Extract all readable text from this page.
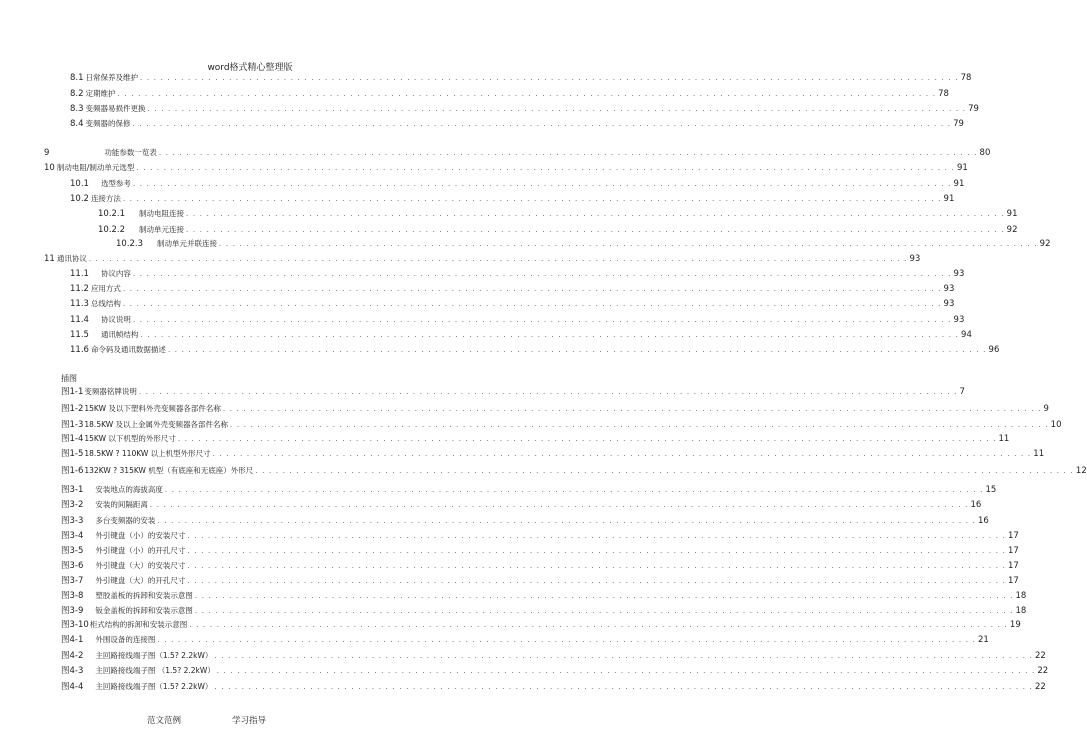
word格式精心整理版
8.1 日常保养及维护 . . . . . . . . . . . . . . . . . . . . . . . . . . . . . . . . . . . . . . . . . . . . . . . . . . . . . . . . . . . . . . . . . . . . . . . . . . . . . . . . . . . . . . . . . . . . . . . . . . . . . . . . . . . . . . . . . . . . . . . . 78
8.2 定期维护 . . . . . . . . . . . . . . . . . . . . . . . . . . . . . . . . . . . . . . . . . . . . . . . . . . . . . . . . . . . . . . . . . . . . . . . . . . . . . . . . . . . . . . . . . . . . . . . . . . . . . . . . . . . . . . . . . . . . . . . . 78
8.3 变频器易损件更换 . . . . . . . . . . . . . . . . . . . . . . . . . . . . . . . . . . . . . . . . . . . . . . . . . . . . . . . . . . . . . . . . . . . . . . . . . . . . . . . . . . . . . . . . . . . . . . . . . . . . . . . . . . . . . . . . . . . . . . . . 79
8.4 变频器的保修 . . . . . . . . . . . . . . . . . . . . . . . . . . . . . . . . . . . . . . . . . . . . . . . . . . . . . . . . . . . . . . . . . . . . . . . . . . . . . . . . . . . . . . . . . . . . . . . . . . . . . . . . . . . . . . . . . . . . . . . . 79
9	功能参数一览表 . . . . . . . . . . . . . . . . . . . . . . . . . . . . . . . . . . . . . . . . . . . . . . . . . . . . . . . . . . . . . . . . . . . . . . . . . . . . . . . . . . . . . . . . . . . . . . . . . . . . . . . . . . . . . . . . . . . . . . . . 80
10 制动电阻/制动单元选型 . . . . . . . . . . . . . . . . . . . . . . . . . . . . . . . . . . . . . . . . . . . . . . . . . . . . . . . . . . . . . . . . . . . . . . . . . . . . . . . . . . . . . . . . . . . . . . . . . . . . . . . . . . . . . . . . . . . . . . . . 91
10.1 选型参考 . . . . . . . . . . . . . . . . . . . . . . . . . . . . . . . . . . . . . . . . . . . . . . . . . . . . . . . . . . . . . . . . . . . . . . . . . . . . . . . . . . . . . . . . . . . . . . . . . . . . . . . . . . . . . . . . . . . . . . . . 91
10.2 连接方法 . . . . . . . . . . . . . . . . . . . . . . . . . . . . . . . . . . . . . . . . . . . . . . . . . . . . . . . . . . . . . . . . . . . . . . . . . . . . . . . . . . . . . . . . . . . . . . . . . . . . . . . . . . . . . . . . . . . . . . . . 91
10.2.1 制动电阻连接 . . . . . . . . . . . . . . . . . . . . . . . . . . . . . . . . . . . . . . . . . . . . . . . . . . . . . . . . . . . . . . . . . . . . . . . . . . . . . . . . . . . . . . . . . . . . . . . . . . . . . . . . . . . . . . . . . . . . . . . . 91
10.2.2 制动单元连接 . . . . . . . . . . . . . . . . . . . . . . . . . . . . . . . . . . . . . . . . . . . . . . . . . . . . . . . . . . . . . . . . . . . . . . . . . . . . . . . . . . . . . . . . . . . . . . . . . . . . . . . . . . . . . . . . . . . . . . . . 92
10.2.3 制动单元并联连接 . . . . . . . . . . . . . . . . . . . . . . . . . . . . . . . . . . . . . . . . . . . . . . . . . . . . . . . . . . . . . . . . . . . . . . . . . . . . . . . . . . . . . . . . . . . . . . . . . . . . . . . . . . . . . . . . . . . . . . . . 92
11 通讯协议 . . . . . . . . . . . . . . . . . . . . . . . . . . . . . . . . . . . . . . . . . . . . . . . . . . . . . . . . . . . . . . . . . . . . . . . . . . . . . . . . . . . . . . . . . . . . . . . . . . . . . . . . . . . . . . . . . . . . . . . . 93
11.1 协议内容 . . . . . . . . . . . . . . . . . . . . . . . . . . . . . . . . . . . . . . . . . . . . . . . . . . . . . . . . . . . . . . . . . . . . . . . . . . . . . . . . . . . . . . . . . . . . . . . . . . . . . . . . . . . . . . . . . . . . . . . . 93
11.2 应用方式 . . . . . . . . . . . . . . . . . . . . . . . . . . . . . . . . . . . . . . . . . . . . . . . . . . . . . . . . . . . . . . . . . . . . . . . . . . . . . . . . . . . . . . . . . . . . . . . . . . . . . . . . . . . . . . . . . . . . . . . . 93
11.3 总线结构 . . . . . . . . . . . . . . . . . . . . . . . . . . . . . . . . . . . . . . . . . . . . . . . . . . . . . . . . . . . . . . . . . . . . . . . . . . . . . . . . . . . . . . . . . . . . . . . . . . . . . . . . . . . . . . . . . . . . . . . . 93
11.4 协议说明 . . . . . . . . . . . . . . . . . . . . . . . . . . . . . . . . . . . . . . . . . . . . . . . . . . . . . . . . . . . . . . . . . . . . . . . . . . . . . . . . . . . . . . . . . . . . . . . . . . . . . . . . . . . . . . . . . . . . . . . . 93
11.5 通讯帧结构 . . . . . . . . . . . . . . . . . . . . . . . . . . . . . . . . . . . . . . . . . . . . . . . . . . . . . . . . . . . . . . . . . . . . . . . . . . . . . . . . . . . . . . . . . . . . . . . . . . . . . . . . . . . . . . . . . . . . . . . . 94
11.6 命令码及通讯数据描述 . . . . . . . . . . . . . . . . . . . . . . . . . . . . . . . . . . . . . . . . . . . . . . . . . . . . . . . . . . . . . . . . . . . . . . . . . . . . . . . . . . . . . . . . . . . . . . . . . . . . . . . . . . . . . . . . . . . . . . . . 96
图1-1 变频器铭牌说明 . . . . . . . . . . . . . . . . . . . . . . . . . . . . . . . . . . . . . . . . . . . . . . . . . . . . . . . . . . . . . . . . . . . . . . . . . . . . . . . . . . . . . . . . . . . . . . . . . . . . . . . . . . . . . . . . . . . . . . . . 7
图1-2 15KW 及以下塑料外壳变频器各部件名称 . . . . . . . . . . . . . . . . . . . . . . . . . . . . . . . . . . . . . . . . . . . . . . . . . . . . . . . . . . . . . . . . . . . . . . . . . . . . . . . . . . . . . . . . . . . . . . . . . . . . . . . . . . . . . . . . . . . . . . . . 9
图1-3 18.5KW 及以上金属外壳变频器各部件名称 . . . . . . . . . . . . . . . . . . . . . . . . . . . . . . . . . . . . . . . . . . . . . . . . . . . . . . . . . . . . . . . . . . . . . . . . . . . . . . . . . . . . . . . . . . . . . . . . . . . . . . . . . . . . . . . . . . . . . . . . 10
图1-4 15KW 以下机型的外形尺寸 . . . . . . . . . . . . . . . . . . . . . . . . . . . . . . . . . . . . . . . . . . . . . . . . . . . . . . . . . . . . . . . . . . . . . . . . . . . . . . . . . . . . . . . . . . . . . . . . . . . . . . . . . . . . . . . . . . . . . . . . 11
图1-5 18.5KW ? 110KW 以上机型外形尺寸 . . . . . . . . . . . . . . . . . . . . . . . . . . . . . . . . . . . . . . . . . . . . . . . . . . . . . . . . . . . . . . . . . . . . . . . . . . . . . . . . . . . . . . . . . . . . . . . . . . . . . . . . . . . . . . . . . . . . . . . . 11
图1-6 132KW ? 315KW 机型（有底座和无底座）外形尺 . . . . . . . . . . . . . . . . . . . . . . . . . . . . . . . . . . . . . . . . . . . . . . . . . . . . . . . . . . . . . . . . . . . . . . . . . . . . . . . . . . . . . . . . . . . . . . . . . . . . . . . . . . . . . . . . . . . . . . . . 12
图3-1 安装地点的海拔高度 . . . . . . . . . . . . . . . . . . . . . . . . . . . . . . . . . . . . . . . . . . . . . . . . . . . . . . . . . . . . . . . . . . . . . . . . . . . . . . . . . . . . . . . . . . . . . . . . . . . . . . . . . . . . . . . . . . . . . . . . 15
图3-2 安装的间隔距离 . . . . . . . . . . . . . . . . . . . . . . . . . . . . . . . . . . . . . . . . . . . . . . . . . . . . . . . . . . . . . . . . . . . . . . . . . . . . . . . . . . . . . . . . . . . . . . . . . . . . . . . . . . . . . . . . . . . . . . . . 16
图3-3 多台变频器的安装 . . . . . . . . . . . . . . . . . . . . . . . . . . . . . . . . . . . . . . . . . . . . . . . . . . . . . . . . . . . . . . . . . . . . . . . . . . . . . . . . . . . . . . . . . . . . . . . . . . . . . . . . . . . . . . . . . . . . . . . . 16
图3-4 外引键盘（小）的安装尺寸 . . . . . . . . . . . . . . . . . . . . . . . . . . . . . . . . . . . . . . . . . . . . . . . . . . . . . . . . . . . . . . . . . . . . . . . . . . . . . . . . . . . . . . . . . . . . . . . . . . . . . . . . . . . . . . . . . . . . . . . . 17
图3-5 外引键盘（小）的开孔尺寸 . . . . . . . . . . . . . . . . . . . . . . . . . . . . . . . . . . . . . . . . . . . . . . . . . . . . . . . . . . . . . . . . . . . . . . . . . . . . . . . . . . . . . . . . . . . . . . . . . . . . . . . . . . . . . . . . . . . . . . . . 17
图3-6 外引键盘（大）的安装尺寸 . . . . . . . . . . . . . . . . . . . . . . . . . . . . . . . . . . . . . . . . . . . . . . . . . . . . . . . . . . . . . . . . . . . . . . . . . . . . . . . . . . . . . . . . . . . . . . . . . . . . . . . . . . . . . . . . . . . . . . . . 17
图3-7 外引键盘（大）的开孔尺寸 . . . . . . . . . . . . . . . . . . . . . . . . . . . . . . . . . . . . . . . . . . . . . . . . . . . . . . . . . . . . . . . . . . . . . . . . . . . . . . . . . . . . . . . . . . . . . . . . . . . . . . . . . . . . . . . . . . . . . . . . 17
图3-8 塑胶盖板的拆卸和安装示意图 . . . . . . . . . . . . . . . . . . . . . . . . . . . . . . . . . . . . . . . . . . . . . . . . . . . . . . . . . . . . . . . . . . . . . . . . . . . . . . . . . . . . . . . . . . . . . . . . . . . . . . . . . . . . . . . . . . . . . . . . 18
图3-9 钣金盖板的拆卸和安装示意图 . . . . . . . . . . . . . . . . . . . . . . . . . . . . . . . . . . . . . . . . . . . . . . . . . . . . . . . . . . . . . . . . . . . . . . . . . . . . . . . . . . . . . . . . . . . . . . . . . . . . . . . . . . . . . . . . . . . . . . . . 18
图3-10 柜式结构的拆卸和安装示意图 . . . . . . . . . . . . . . . . . . . . . . . . . . . . . . . . . . . . . . . . . . . . . . . . . . . . . . . . . . . . . . . . . . . . . . . . . . . . . . . . . . . . . . . . . . . . . . . . . . . . . . . . . . . . . . . . . . . . . . . . 19
图4-1 外围设备的连接图 . . . . . . . . . . . . . . . . . . . . . . . . . . . . . . . . . . . . . . . . . . . . . . . . . . . . . . . . . . . . . . . . . . . . . . . . . . . . . . . . . . . . . . . . . . . . . . . . . . . . . . . . . . . . . . . . . . . . . . . . 21
图4-2 主回路接线端子图（1.5? 2.2kW） . . . . . . . . . . . . . . . . . . . . . . . . . . . . . . . . . . . . . . . . . . . . . . . . . . . . . . . . . . . . . . . . . . . . . . . . . . . . . . . . . . . . . . . . . . . . . . . . . . . . . . . . . . . . . . . . . . . . . . . . 22
图4-3 主回路接线端子图 （1.5? 2.2kW） . . . . . . . . . . . . . . . . . . . . . . . . . . . . . . . . . . . . . . . . . . . . . . . . . . . . . . . . . . . . . . . . . . . . . . . . . . . . . . . . . . . . . . . . . . . . . . . . . . . . . . . . . . . . . . . . . . . . . . . . 22
图4-4 主回路接线端子图（1.5? 2.2kW） . . . . . . . . . . . . . . . . . . . . . . . . . . . . . . . . . . . . . . . . . . . . . . . . . . . . . . . . . . . . . . . . . . . . . . . . . . . . . . . . . . . . . . . . . . . . . . . . . . . . . . . . . . . . . . . . . . . . . . . . 22
插图
范文范例	学习指导
